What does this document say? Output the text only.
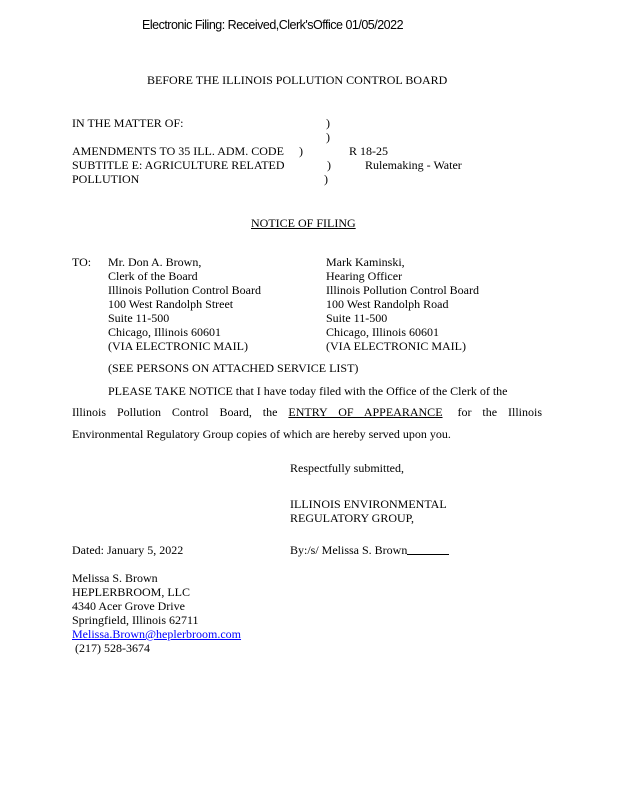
Electronic Filing: Received,Clerk'sOffice 01/05/2022
BEFORE THE ILLINOIS POLLUTION CONTROL BOARD
IN THE MATTER OF:
AMENDMENTS TO 35 ILL. ADM. CODE
SUBTITLE E: AGRICULTURE RELATED
POLLUTION
)
)
)
)
)
R 18-25
Rulemaking - Water
NOTICE OF FILING
TO: Mr. Don A. Brown,
Clerk of the Board
Illinois Pollution Control Board
100 West Randolph Street
Suite 11-500
Chicago, Illinois 60601
(VIA ELECTRONIC MAIL)
Mark Kaminski,
Hearing Officer
Illinois Pollution Control Board
100 West Randolph Road
Suite 11-500
Chicago, Illinois 60601
(VIA ELECTRONIC MAIL)
(SEE PERSONS ON ATTACHED SERVICE LIST)
PLEASE TAKE NOTICE that I have today filed with the Office of the Clerk of the
Illinois Pollution Control Board, the ENTRY OF APPEARANCE for the Illinois
Environmental Regulatory Group copies of which are hereby served upon you.
Respectfully submitted,
ILLINOIS ENVIRONMENTAL
REGULATORY GROUP,
Dated: January 5, 2022	By:/s/ Melissa S. Brown
Melissa S. Brown
HEPLERBROOM, LLC
4340 Acer Grove Drive
Springfield, Illinois 62711
Melissa.Brown@heplerbroom.com
(217) 528-3674
